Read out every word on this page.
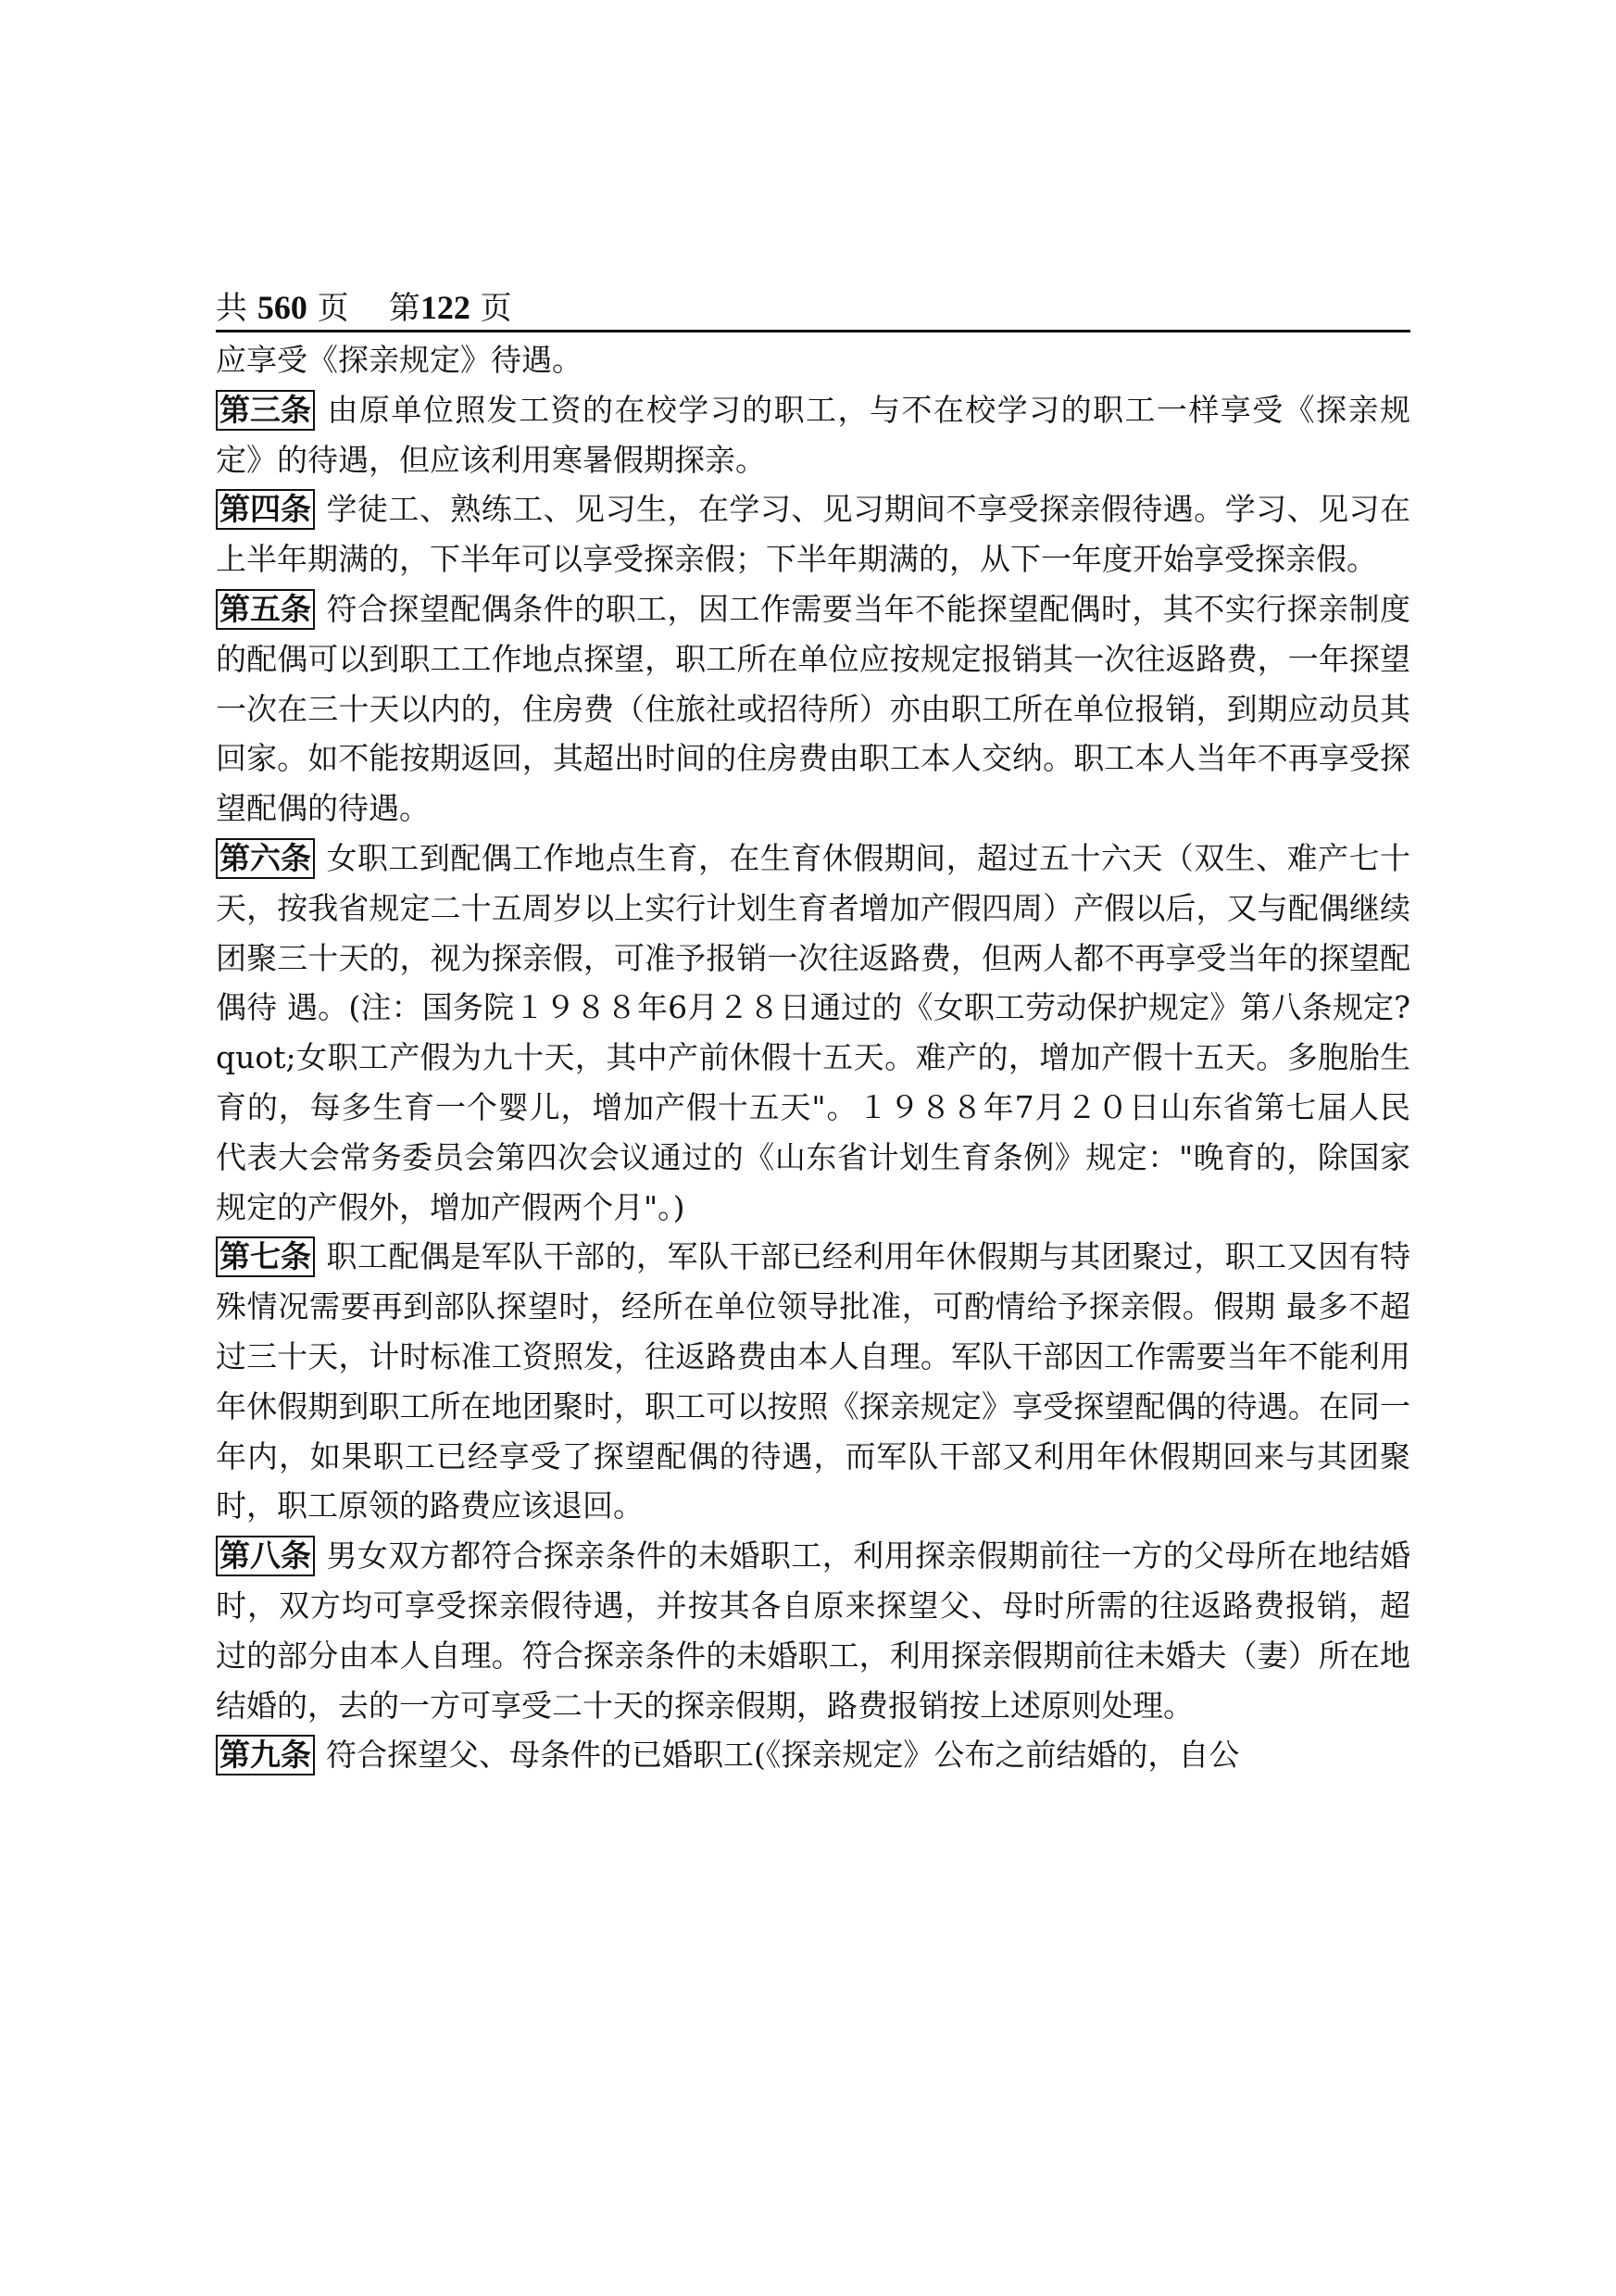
共 560 页 第122 页

应享受《探亲规定》待遇。

第三条 由原单位照发工资的在校学习的职工，与不在校学习的职工一样享受《探亲规定》的待遇，但应该利用寒暑假期探亲。

第四条 学徒工、熟练工、见习生，在学习、见习期间不享受探亲假待遇。学习、见习在上半年期满的，下半年可以享受探亲假；下半年期满的，从下一年度开始享受探亲假。

第五条 符合探望配偶条件的职工，因工作需要当年不能探望配偶时，其不实行探亲制度的配偶可以到职工工作地点探望，职工所在单位应按规定报销其一次往返路费，一年探望一次在三十天以内的，住房费（住旅社或招待所）亦由职工所在单位报销，到期应动员其回家。如不能按期返回，其超出时间的住房费由职工本人交纳。职工本人当年不再享受探望配偶的待遇。

第六条 女职工到配偶工作地点生育，在生育休假期间，超过五十六天（双生、难产七十天，按我省规定二十五周岁以上实行计划生育者增加产假四周）产假以后，又与配偶继续团聚三十天的，视为探亲假，可准予报销一次往返路费，但两人都不再享受当年的探望配偶待 遇。(注：国务院１９８８年6月２８日通过的《女职工劳动保护规定》第八条规定?quot;女职工产假为九十天，其中产前休假十五天。难产的，增加产假十五天。多胞胎生育的，每多生育一个婴儿，增加产假十五天"。１９８８年7月２０日山东省第七届人民代表大会常务委员会第四次会议通过的《山东省计划生育条例》规定："晚育的，除国家规定的产假外，增加产假两个月"。)

第七条 职工配偶是军队干部的，军队干部已经利用年休假期与其团聚过，职工又因有特殊情况需要再到部队探望时，经所在单位领导批准，可酌情给予探亲假。假期 最多不超过三十天，计时标准工资照发，往返路费由本人自理。军队干部因工作需要当年不能利用年休假期到职工所在地团聚时，职工可以按照《探亲规定》享受探望配偶的待遇。在同一年内，如果职工已经享受了探望配偶的待遇，而军队干部又利用年休假期回来与其团聚时，职工原领的路费应该退回。

第八条 男女双方都符合探亲条件的未婚职工，利用探亲假期前往一方的父母所在地结婚时，双方均可享受探亲假待遇，并按其各自原来探望父、母时所需的往返路费报销，超 过的部分由本人自理。符合探亲条件的未婚职工，利用探亲假期前往未婚夫（妻）所在地结婚的，去的一方可享受二十天的探亲假期，路费报销按上述原则处理。

第九条 符合探望父、母条件的已婚职工(《探亲规定》公布之前结婚的，自公
